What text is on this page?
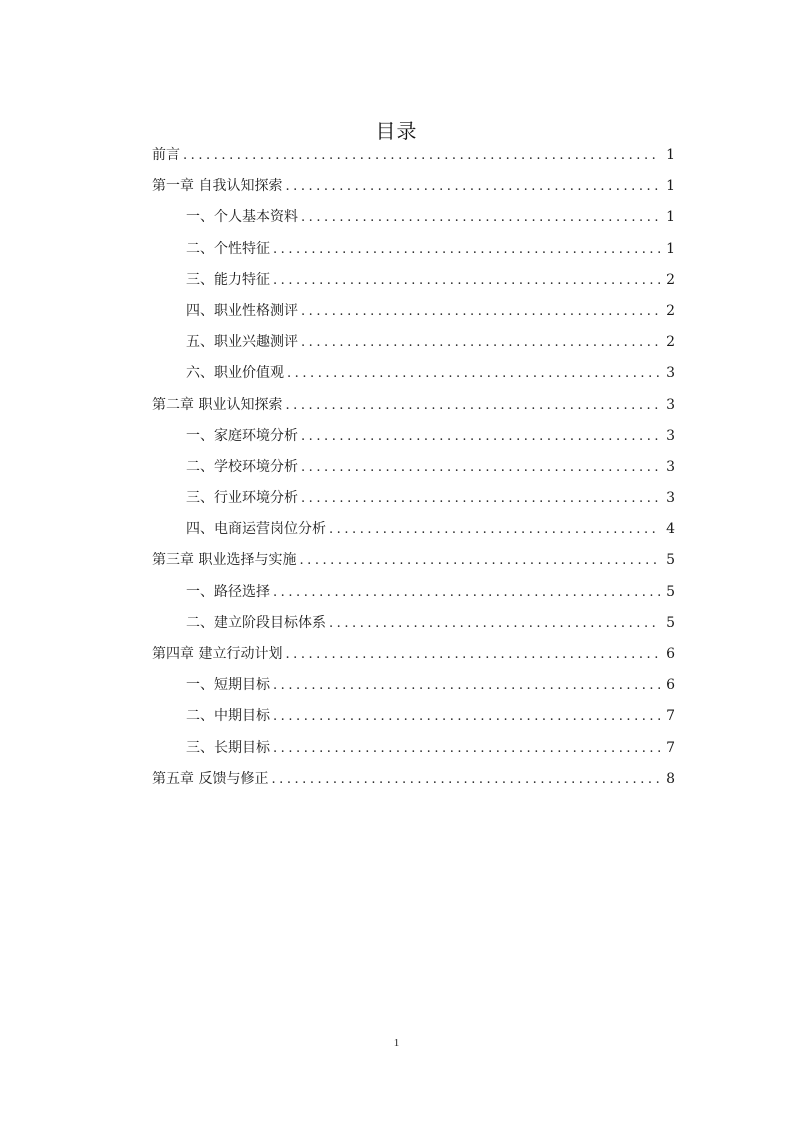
目录
前言 .....	1
第一章 自我认知探索 .....	1
一、个人基本资料 .....	1
二、个性特征 .....	1
三、能力特征 .....	2
四、职业性格测评 .....	2
五、职业兴趣测评 .....	2
六、职业价值观 .....	3
第二章 职业认知探索 .....	3
一、家庭环境分析 .....	3
二、学校环境分析 .....	3
三、行业环境分析 .....	3
四、电商运营岗位分析 .....	4
第三章 职业选择与实施 .....	5
一、路径选择 .....	5
二、建立阶段目标体系 .....	5
第四章 建立行动计划 .....	6
一、短期目标 .....	6
二、中期目标 .....	7
三、长期目标 .....	7
第五章 反馈与修正 .....	8
1
